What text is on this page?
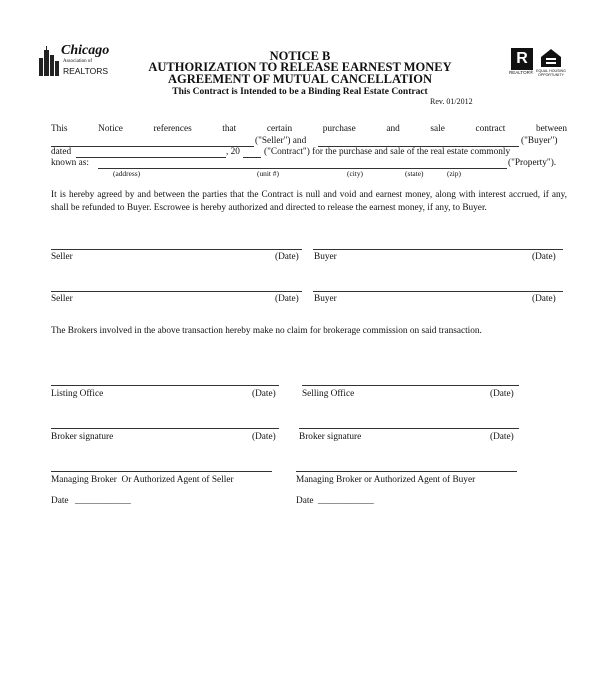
Chicago
Association of
REALTORS
R
REALTOR® EQUAL HOUSING OPPORTUNITY
NOTICE B
AUTHORIZATION TO RELEASE EARNEST MONEY
AGREEMENT OF MUTUAL CANCELLATION
This Contract is Intended to be a Binding Real Estate Contract
Rev. 01/2012
This	Notice	references	that	certain	purchase	and	sale	contract	between
("Seller") and	("Buyer")
dated	, 20	("Contract") for the purchase and sale of the real estate commonly
known as:	("Property").
(address)	(unit #)	(city)	(state)	(zip)

It is hereby agreed by and between the parties that the Contract is null and void and earnest money, along with interest accrued, if any, shall be refunded to Buyer. Escrowee is hereby authorized and directed to release the earnest money, if any, to Buyer.

Seller	(Date) Buyer	(Date)
Seller	(Date) Buyer	(Date)

The Brokers involved in the above transaction hereby make no claim for brokerage commission on said transaction.

Listing Office	(Date)	Selling Office	(Date)
Broker signature	(Date)	Broker signature	(Date)
Managing Broker  Or Authorized Agent of Seller	Managing Broker or Authorized Agent of Buyer
Date ____________	Date ____________
